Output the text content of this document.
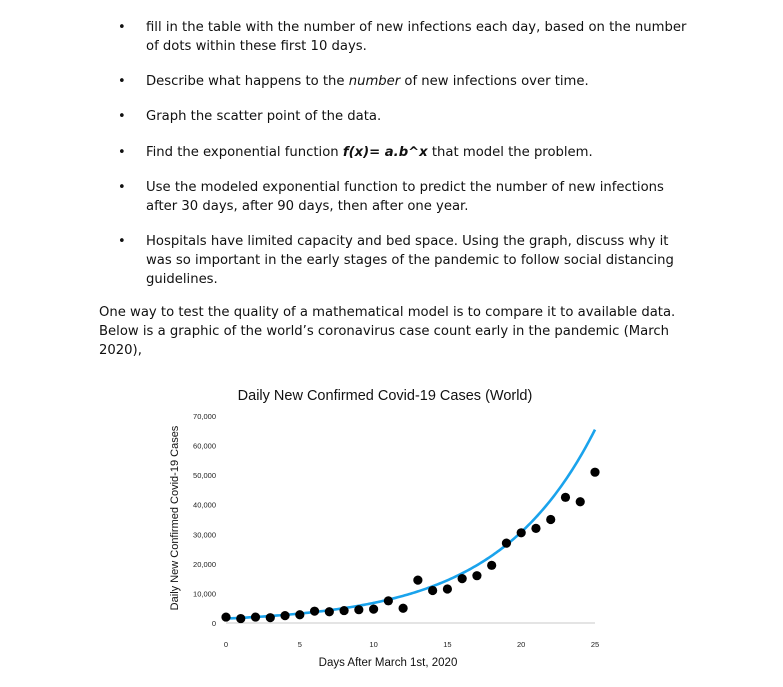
• fill in the table with the number of new infections each day, based on the number of dots within these first 10 days.
• Describe what happens to the number of new infections over time.
• Graph the scatter point of the data.
• Find the exponential function f(x)= a.b^x that model the problem.
• Use the modeled exponential function to predict the number of new infections after 30 days, after 90 days, then after one year.
• Hospitals have limited capacity and bed space. Using the graph, discuss why it was so important in the early stages of the pandemic to follow social distancing guidelines.
One way to test the quality of a mathematical model is to compare it to available data. Below is a graphic of the world’s coronavirus case count early in the pandemic (March 2020),
Daily New Confirmed Covid-19 Cases (World)
Daily New Confirmed Covid-19 Cases
Days After March 1st, 2020
0
10,000
20,000
30,000
40,000
50,000
60,000
70,000
0	5	10	15	20	25
